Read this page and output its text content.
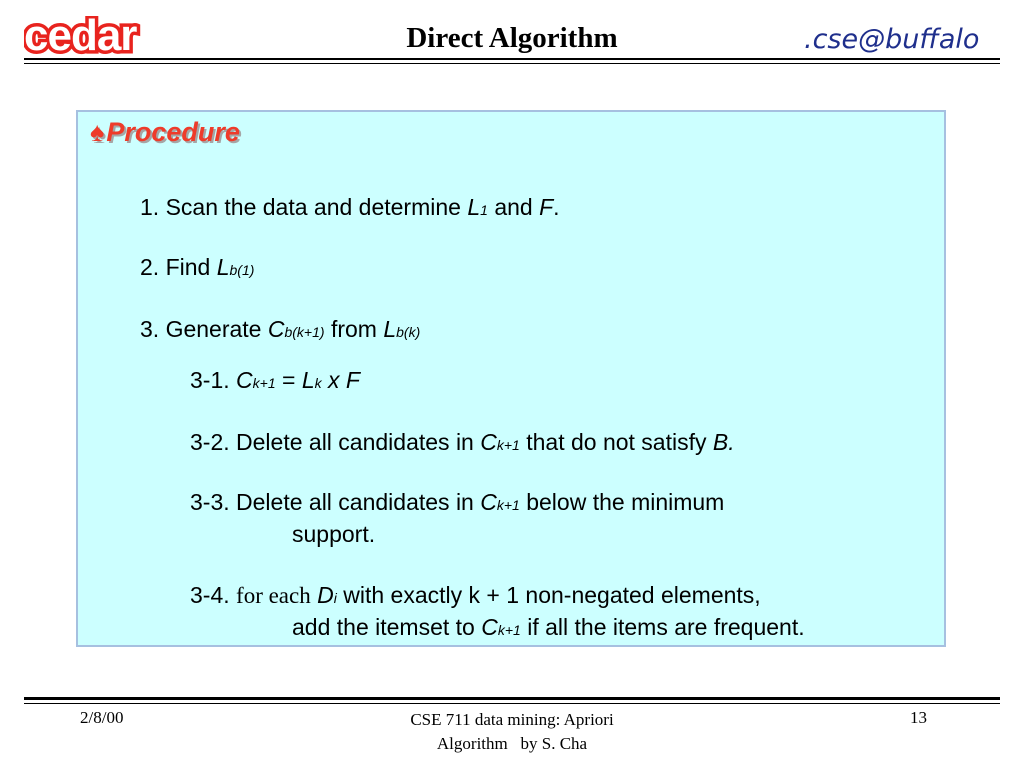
cedar	Direct Algorithm	.cse@buffalo
♠Procedure
1. Scan the data and determine L1 and F.
2. Find Lb(1)
3. Generate Cb(k+1) from Lb(k)
3-1. Ck+1 = Lk x F
3-2. Delete all candidates in Ck+1 that do not satisfy B.
3-3. Delete all candidates in Ck+1 below the minimum
support.
3-4. for each Di with exactly k + 1 non-negated elements,
add the itemset to Ck+1 if all the items are frequent.
2/8/00	CSE 711 data mining: Apriori
Algorithm   by S. Cha
13
